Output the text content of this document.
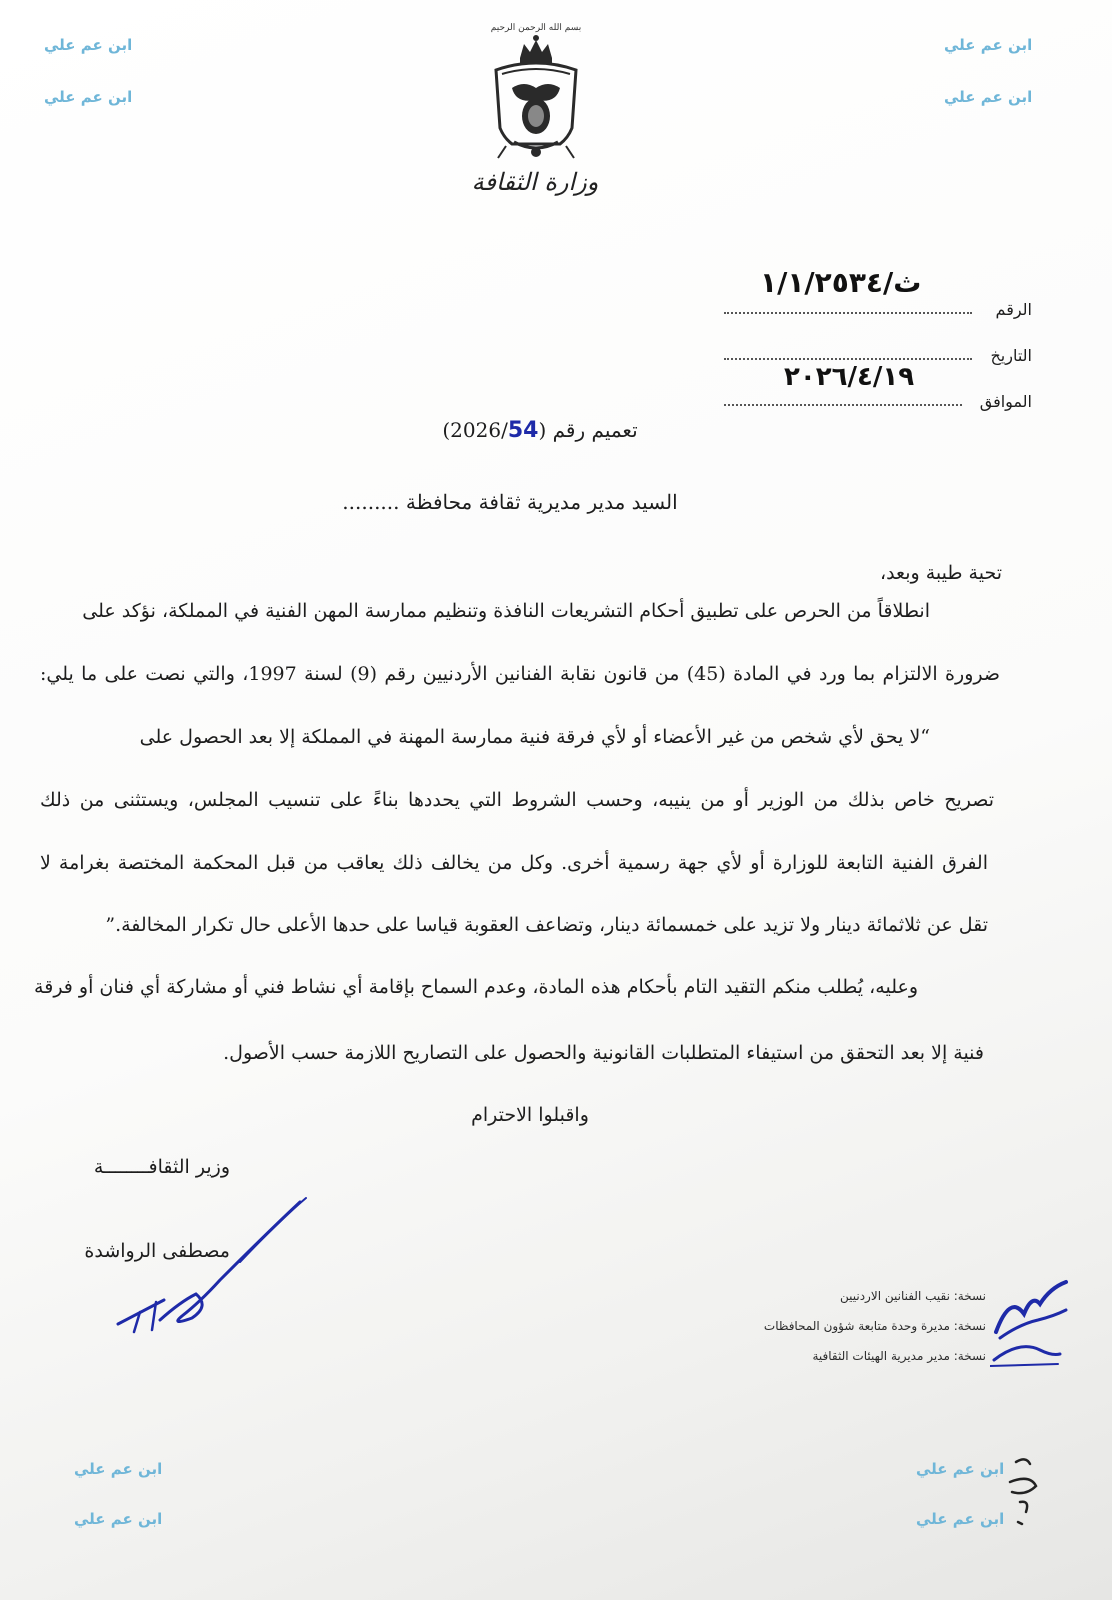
ابن عم علي
ابن عم علي
ابن عم علي
ابن عم علي
ابن عم علي
ابن عم علي
ابن عم علي
ابن عم علي
بسم الله الرحمن الرحيم
وزارة الثقافة
ث/١/١/٢٥٣٤
الرقم
التاريخ
٢٠٢٦/٤/١٩
الموافق
تعميم رقم (2026/54)
السيد مدير مديرية ثقافة محافظة .........
تحية طيبة وبعد،
انطلاقاً من الحرص على تطبيق أحكام التشريعات النافذة وتنظيم ممارسة المهن الفنية في المملكة، نؤكد على
ضرورة الالتزام بما ورد في المادة (45) من قانون نقابة الفنانين الأردنيين رقم (9) لسنة 1997، والتي نصت على ما يلي:
“لا يحق لأي شخص من غير الأعضاء أو لأي فرقة فنية ممارسة المهنة في المملكة إلا بعد الحصول على
تصريح خاص بذلك من الوزير أو من ينيبه، وحسب الشروط التي يحددها بناءً على تنسيب المجلس، ويستثنى من ذلك
الفرق الفنية التابعة للوزارة أو لأي جهة رسمية أخرى. وكل من يخالف ذلك يعاقب من قبل المحكمة المختصة بغرامة لا
تقل عن ثلاثمائة دينار ولا تزيد على خمسمائة دينار، وتضاعف العقوبة قياسا على حدها الأعلى حال تكرار المخالفة.”
وعليه، يُطلب منكم التقيد التام بأحكام هذه المادة، وعدم السماح بإقامة أي نشاط فني أو مشاركة أي فنان أو فرقة
فنية إلا بعد التحقق من استيفاء المتطلبات القانونية والحصول على التصاريح اللازمة حسب الأصول.
واقبلوا الاحترام
وزير الثقافــــــــة
مصطفى الرواشدة
نسخة: نقيب الفنانين الاردنيين
نسخة: مديرة وحدة متابعة شؤون المحافظات
نسخة: مدير مديرية الهيئات الثقافية
